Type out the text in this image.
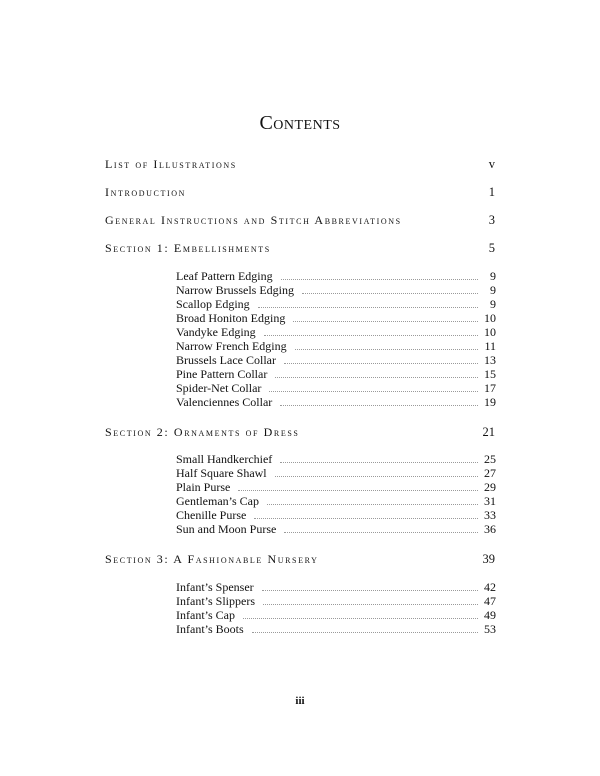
Contents
List of Illustrations	v
Introduction	1
General Instructions and Stitch Abbreviations	3
Section 1: Embellishments	5
Leaf Pattern Edging	9
Narrow Brussels Edging	9
Scallop Edging	9
Broad Honiton Edging	10
Vandyke Edging	10
Narrow French Edging	11
Brussels Lace Collar	13
Pine Pattern Collar	15
Spider-Net Collar	17
Valenciennes Collar	19
Section 2: Ornaments of Dress	21
Small Handkerchief	25
Half Square Shawl	27
Plain Purse	29
Gentleman’s Cap	31
Chenille Purse	33
Sun and Moon Purse	36
Section 3: A Fashionable Nursery	39
Infant’s Spenser	42
Infant’s Slippers	47
Infant’s Cap	49
Infant’s Boots	53
iii
